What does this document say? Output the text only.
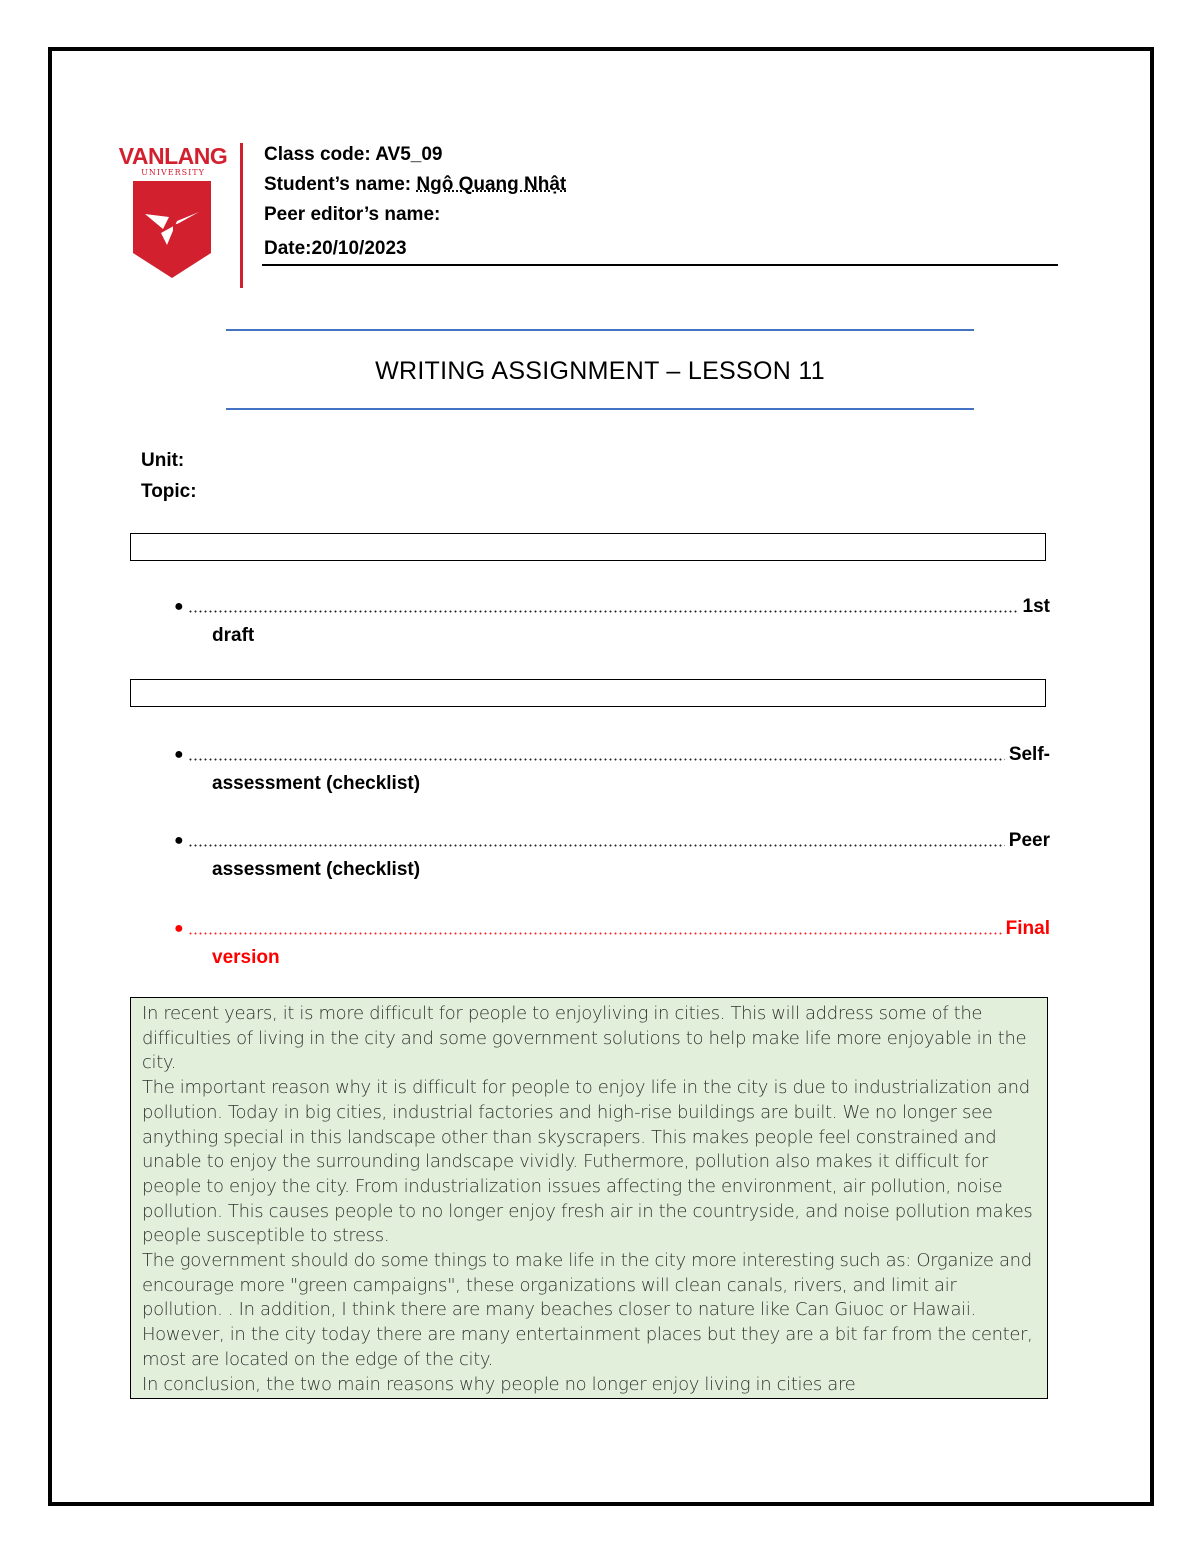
VANLANG
UNIVERSITY
Class code: AV5_09
Student’s name: Ngô Quang Nhật
Peer editor’s name:
Date:20/10/2023
WRITING ASSIGNMENT – LESSON 11
Unit:
Topic:
●	1st
draft
●	Self-
assessment (checklist)
●	Peer
assessment (checklist)
●	Final
version

In recent years, it is more difficult for people to enjoyliving in cities. This will address some of the difficulties of living in the city and some government solutions to help make life more enjoyable in the city.

The important reason why it is difficult for people to enjoy life in the city is due to industrialization and pollution. Today in big cities, industrial factories and high-rise buildings are built. We no longer see anything special in this landscape other than skyscrapers. This makes people feel constrained and unable to enjoy the surrounding landscape vividly. Futhermore, pollution also makes it difficult for people to enjoy the city. From industrialization issues affecting the environment, air pollution, noise pollution. This causes people to no longer enjoy fresh air in the countryside, and noise pollution makes people susceptible to stress.

The government should do some things to make life in the city more interesting such as: Organize and encourage more "green campaigns", these organizations will clean canals, rivers, and limit air pollution. . In addition, I think there are many beaches closer to nature like Can Giuoc or Hawaii. However, in the city today there are many entertainment places but they are a bit far from the center, most are located on the edge of the city.

In conclusion, the two main reasons why people no longer enjoy living in cities are
